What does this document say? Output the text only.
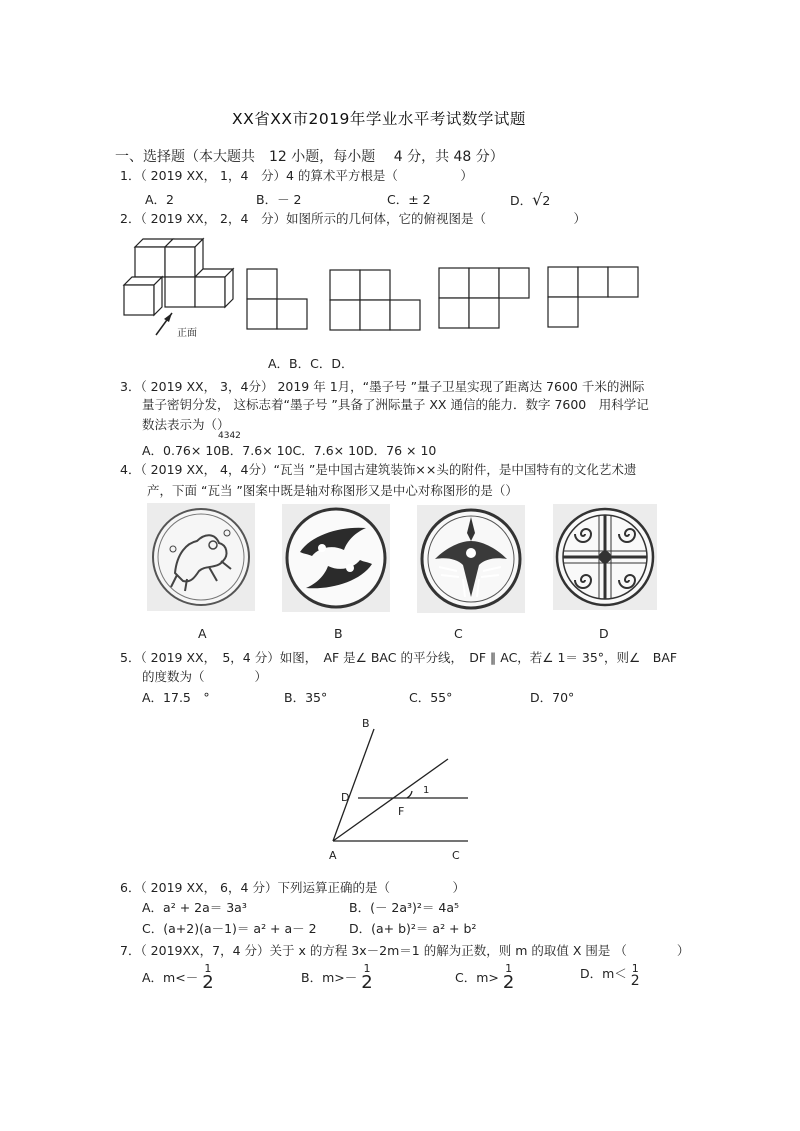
XX省XX市2019年学业水平考试数学试题
一、选择题（本大题共　12 小题，每小题　 4 分，共 48 分）
1．（ 2019 XX， 1，4　分）4 的算术平方根是（　　　　　）
A．2	B．－ 2	C．± 2	D．√2
2．（ 2019 XX， 2，4　分）如图所示的几何体，它的俯视图是（　　　　　　　）
正面
A．B．C．D．
3．（ 2019 XX， 3，4分） 2019 年 1月，“墨子号 ”量子卫星实现了距离达 7600 千米的洲际
量子密钥分发， 这标志着“墨子号 ”具备了洲际量子 XX 通信的能力．数字 7600　用科学记
数法表示为（）
4342
A．0.76× 10B．7.6× 10C．7.6× 10D．76 × 10
4．（ 2019 XX， 4，4分）“瓦当 ”是中国古建筑装饰××头的附件，是中国特有的文化艺术遗
产，下面 “瓦当 ”图案中既是轴对称图形又是中心对称图形的是（）
A	B	C	D
5．（ 2019 XX，　5，4 分）如图，　AF 是∠ BAC 的平分线，　DF ∥ AC，若∠ 1＝ 35°，则∠　BAF
的度数为（　　　　）
A．17.5　°	B．35°	C．55°	D．70°
B
D
F
1
A	C
6．（ 2019 XX， 6，4 分）下列运算正确的是（　　　　　）
A．a² + 2a＝ 3a³	B．(－ 2a³)²＝ 4a⁵
C．(a+2)(a－1)＝ a² + a－ 2	D．(a+ b)²＝ a² + b²
7．（ 2019XX，7，4 分）关于 x 的方程 3x－2m＝1 的解为正数，则 m 的取值 X 围是 （　　　　）
A．m<－
1
2	B．m>－
1
2	C．m>
1
2	D．m＜ 1
2
